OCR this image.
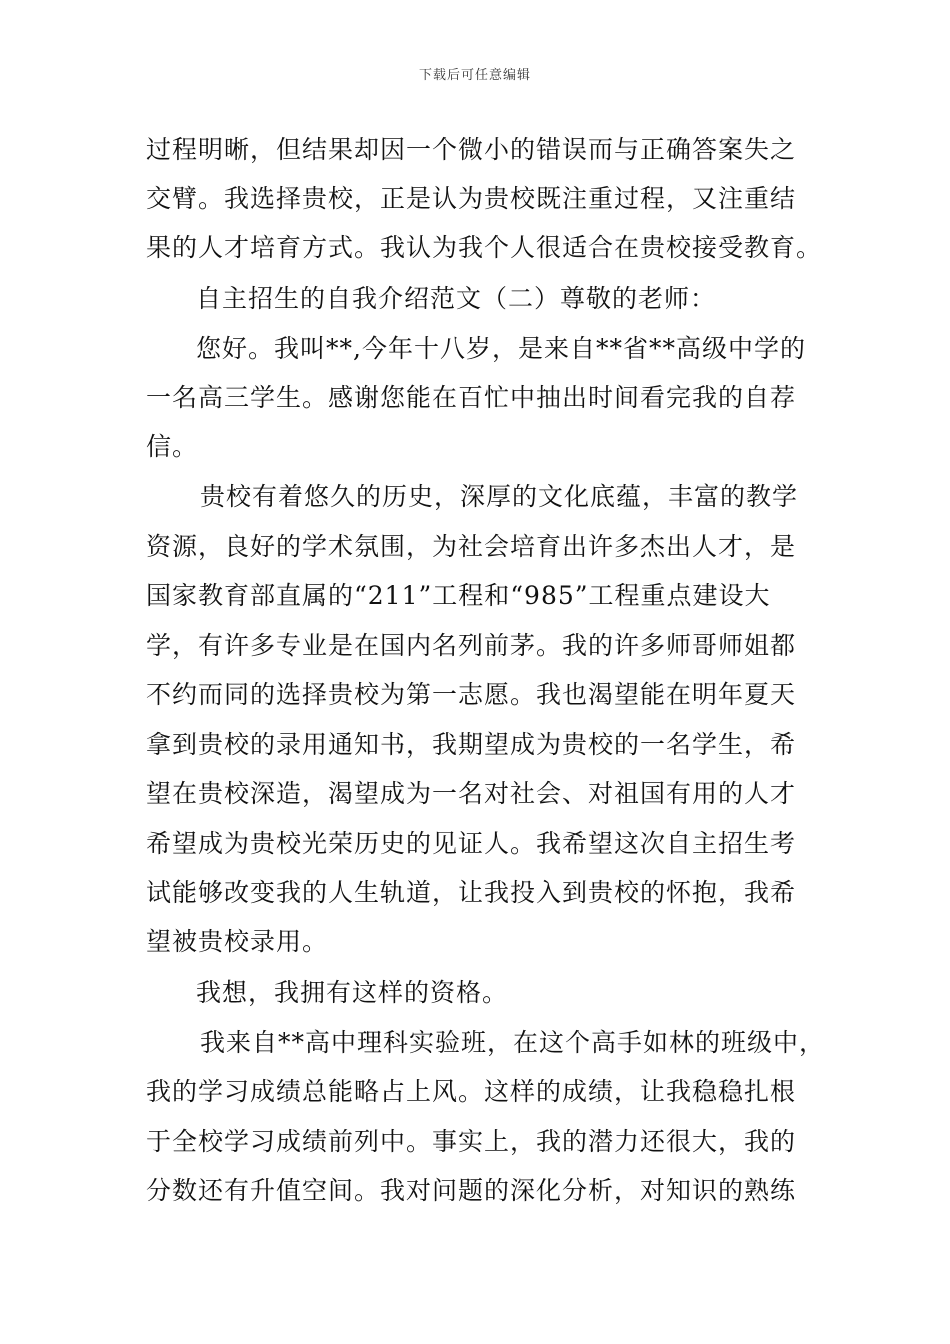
下载后可任意编辑
过程明晰，但结果却因一个微小的错误而与正确答案失之
交臂。我选择贵校，正是认为贵校既注重过程，又注重结
果的人才培育方式。我认为我个人很适合在贵校接受教育。
自主招生的自我介绍范文（二）尊敬的老师：
您好。我叫**,今年十八岁，是来自**省**高级中学的
一名高三学生。感谢您能在百忙中抽出时间看完我的自荐
信。
贵校有着悠久的历史，深厚的文化底蕴，丰富的教学
资源，良好的学术氛围，为社会培育出许多杰出人才，是
国家教育部直属的“211”工程和“985”工程重点建设大
学，有许多专业是在国内名列前茅。我的许多师哥师姐都
不约而同的选择贵校为第一志愿。我也渴望能在明年夏天
拿到贵校的录用通知书，我期望成为贵校的一名学生，希
望在贵校深造，渴望成为一名对社会、对祖国有用的人才
希望成为贵校光荣历史的见证人。我希望这次自主招生考
试能够改变我的人生轨道，让我投入到贵校的怀抱，我希
望被贵校录用。
我想，我拥有这样的资格。
我来自**高中理科实验班，在这个高手如林的班级中，
我的学习成绩总能略占上风。这样的成绩，让我稳稳扎根
于全校学习成绩前列中。事实上，我的潜力还很大，我的
分数还有升值空间。我对问题的深化分析，对知识的熟练
